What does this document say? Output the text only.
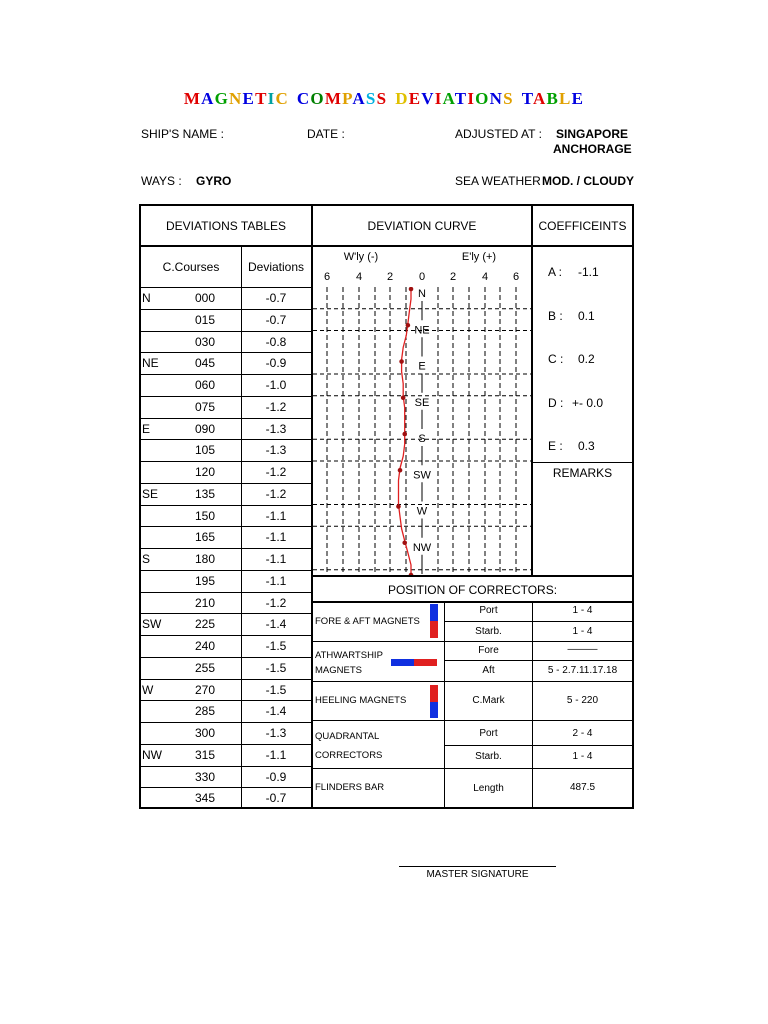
MAGNETIC COMPASS DEVIATIONS TABLE
SHIP'S NAME :	DATE :	ADJUSTED AT : SINGAPORE
ANCHORAGE
WAYS : GYRO	SEA WEATHER MOD. / CLOUDY
DEVIATIONS TABLES	DEVIATION CURVE	COEFFICEINTS
C.Courses	Deviations
N	000	-0.7
015	-0.7
030	-0.8
NE	045	-0.9
060	-1.0
075	-1.2
E	090	-1.3
105	-1.3
120	-1.2
SE	135	-1.2
150	-1.1
165	-1.1
S	180	-1.1
195	-1.1
210	-1.2
SW	225	-1.4
240	-1.5
255	-1.5
W	270	-1.5
285	-1.4
300	-1.3
NW	315	-1.1
330	-0.9
345	-0.7
W'ly (-)	E'ly (+)
6	4	2	0	2	4	6
N
NE
E
SE
S
SW
W
NW
A : -1.1
B : 0.1
C : 0.2
D : +- 0.0
E : 0.3
REMARKS
POSITION OF CORRECTORS:
FORE & AFT MAGNETS
Port	1 - 4
Starb.	1 - 4
ATHWARTSHIP
MAGNETS
Fore	———
Aft	5 - 2.7.11.17.18
HEELING MAGNETS	C.Mark	5 - 220
QUADRANTAL
CORRECTORS
Port	2 - 4
Starb.	1 - 4
FLINDERS BAR	Length	487.5
MASTER SIGNATURE
